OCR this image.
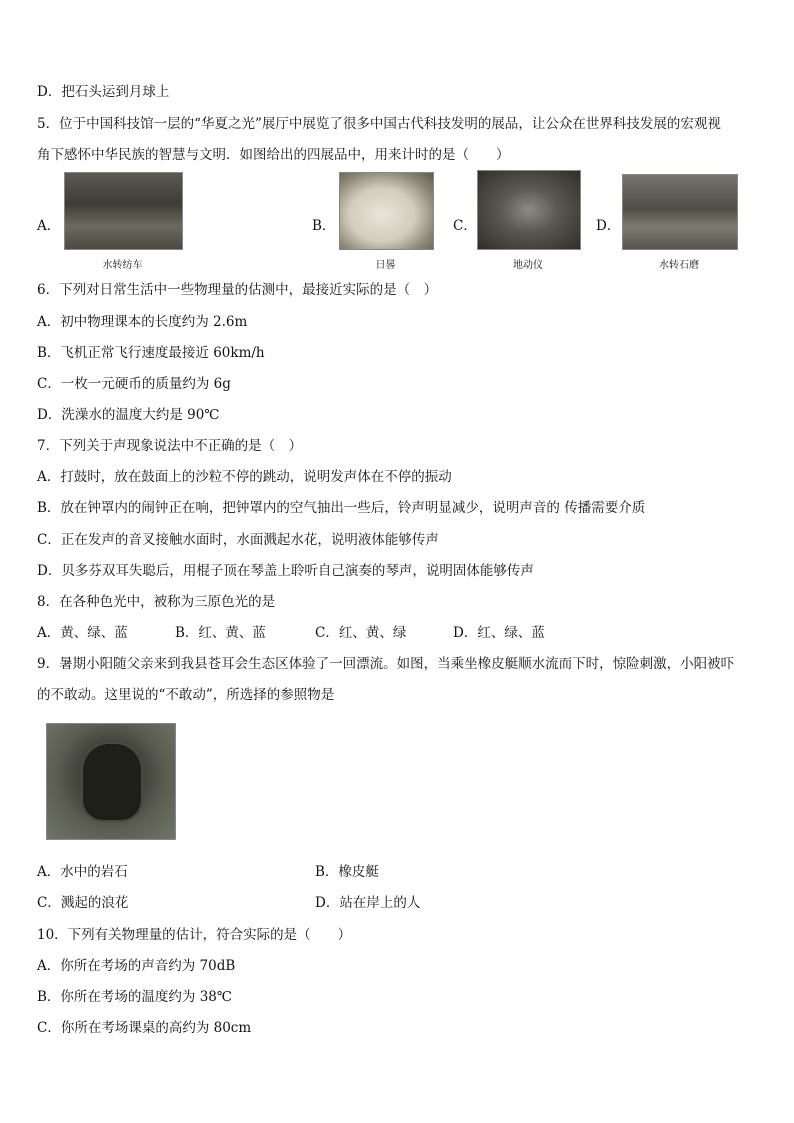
D．把石头运到月球上
5．位于中国科技馆一层的“华夏之光”展厅中展览了很多中国古代科技发明的展品，让公众在世界科技发展的宏观视
角下感怀中华民族的智慧与文明．如图给出的四展品中，用来计时的是（　　）
A．
水转纺车
B．
日晷
C．
地动仪
D．
水转石磨
6．下列对日常生活中一些物理量的估测中，最接近实际的是（　）
A．初中物理课本的长度约为 2.6m
B．飞机正常飞行速度最接近 60km/h
C．一枚一元硬币的质量约为 6g
D．洗澡水的温度大约是 90℃
7．下列关于声现象说法中不正确的是（　）
A．打鼓时，放在鼓面上的沙粒不停的跳动，说明发声体在不停的振动
B．放在钟罩内的闹钟正在响，把钟罩内的空气抽出一些后，铃声明显减少，说明声音的 传播需要介质
C．正在发声的音叉接触水面时，水面溅起水花，说明液体能够传声
D．贝多芬双耳失聪后，用棍子顶在琴盖上聆听自己演奏的琴声，说明固体能够传声
8．在各种色光中，被称为三原色光的是
A．黄、绿、蓝	B．红、黄、蓝	C．红、黄、绿	D．红、绿、蓝
9．暑期小阳随父亲来到我县苍耳会生态区体验了一回漂流。如图，当乘坐橡皮艇顺水流而下时，惊险刺激，小阳被吓
的不敢动。这里说的“不敢动”，所选择的参照物是
A．水中的岩石	B．橡皮艇
C．溅起的浪花	D．站在岸上的人
10．下列有关物理量的估计，符合实际的是（　　）
A．你所在考场的声音约为 70dB
B．你所在考场的温度约为 38℃
C．你所在考场课桌的高约为 80cm
